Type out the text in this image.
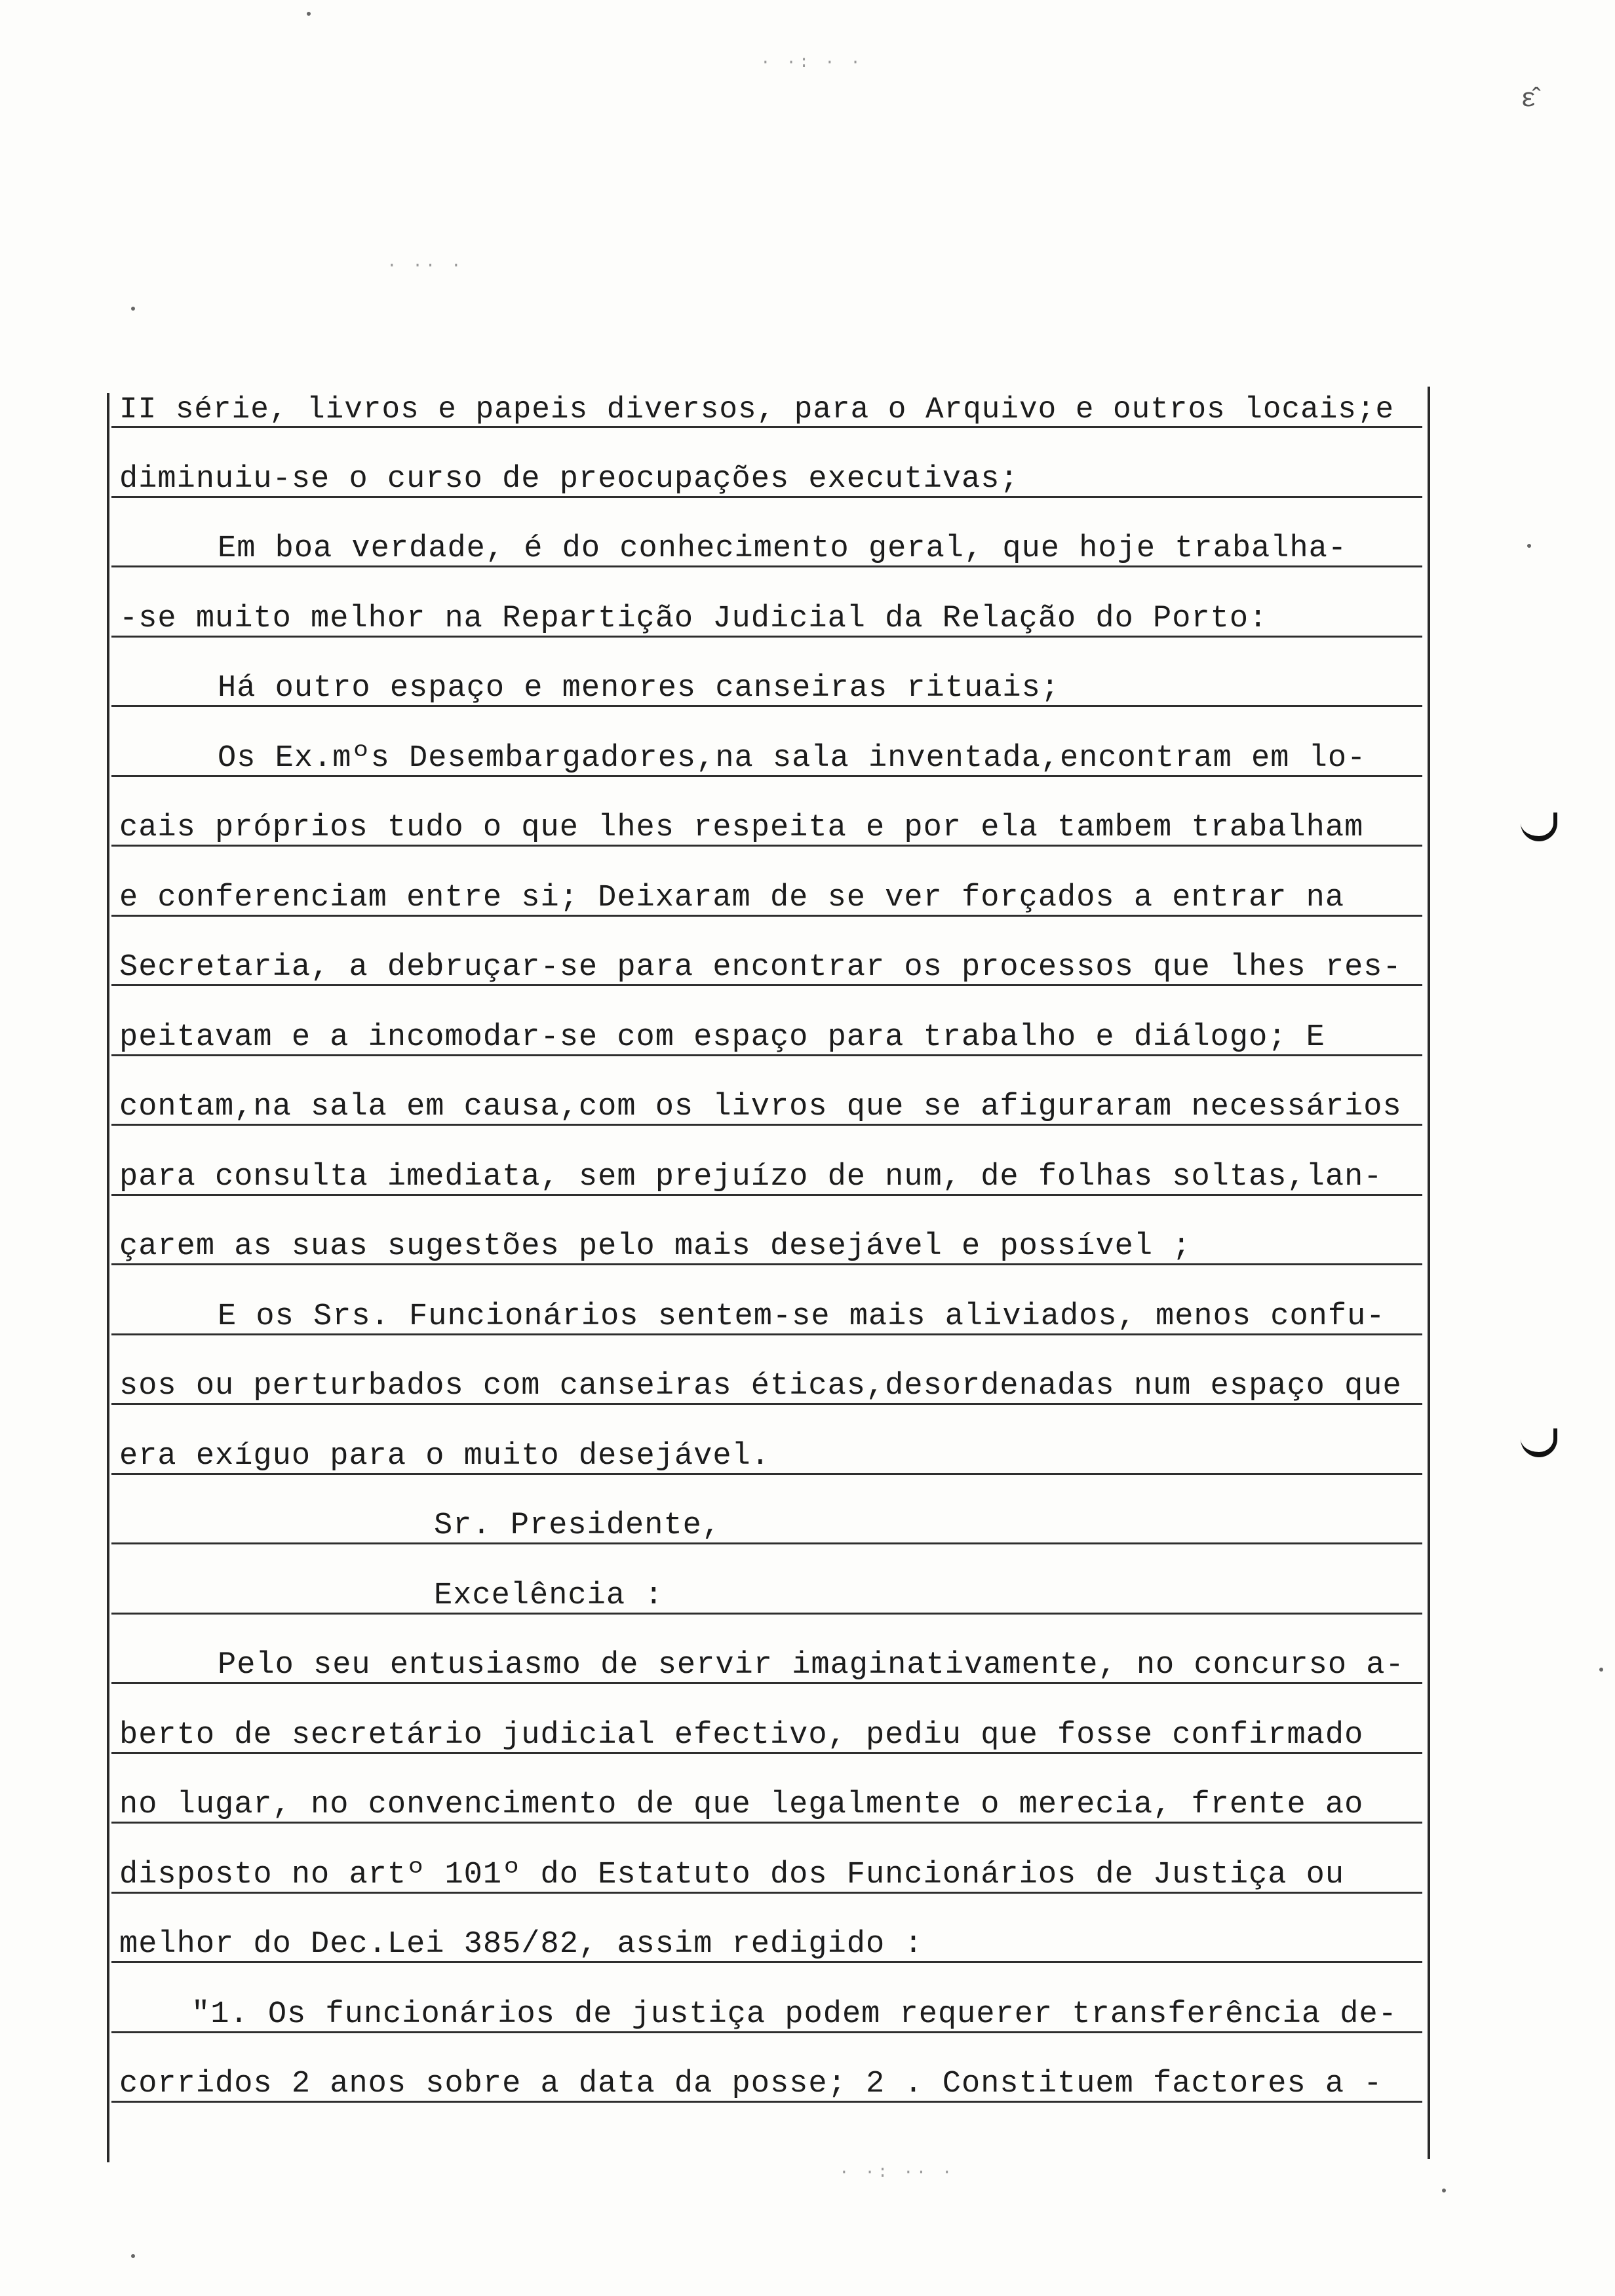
ε̂
· ·: · ·
· ·· ·
· ·: ·· ·
II série, livros e papeis diversos, para o Arquivo e outros locais;e
diminuiu-se o curso de preocupações executivas;
Em boa verdade, é do conhecimento geral, que hoje trabalha-
-se muito melhor na Repartição Judicial da Relação do Porto:
Há outro espaço e menores canseiras rituais;
Os Ex.mºs Desembargadores,na sala inventada,encontram em lo-
cais próprios tudo o que lhes respeita e por ela tambem trabalham
e conferenciam entre si; Deixaram de se ver forçados a entrar na
Secretaria, a debruçar-se para encontrar os processos que lhes res-
peitavam e a incomodar-se com espaço para trabalho e diálogo; E
contam,na sala em causa,com os livros que se afiguraram necessários
para consulta imediata, sem prejuízo de num, de folhas soltas,lan-
çarem as suas sugestões pelo mais desejável e possível ;
E os Srs. Funcionários sentem-se mais aliviados, menos confu-
sos ou perturbados com canseiras éticas,desordenadas num espaço que
era exíguo para o muito desejável.
Sr. Presidente,
Excelência :
Pelo seu entusiasmo de servir imaginativamente, no concurso a-
berto de secretário judicial efectivo, pediu que fosse confirmado
no lugar, no convencimento de que legalmente o merecia, frente ao
disposto no artº 101º do Estatuto dos Funcionários de Justiça ou
melhor do Dec.Lei 385/82, assim redigido :
"1. Os funcionários de justiça podem requerer transferência de-
corridos 2 anos sobre a data da posse; 2 . Constituem factores a -
